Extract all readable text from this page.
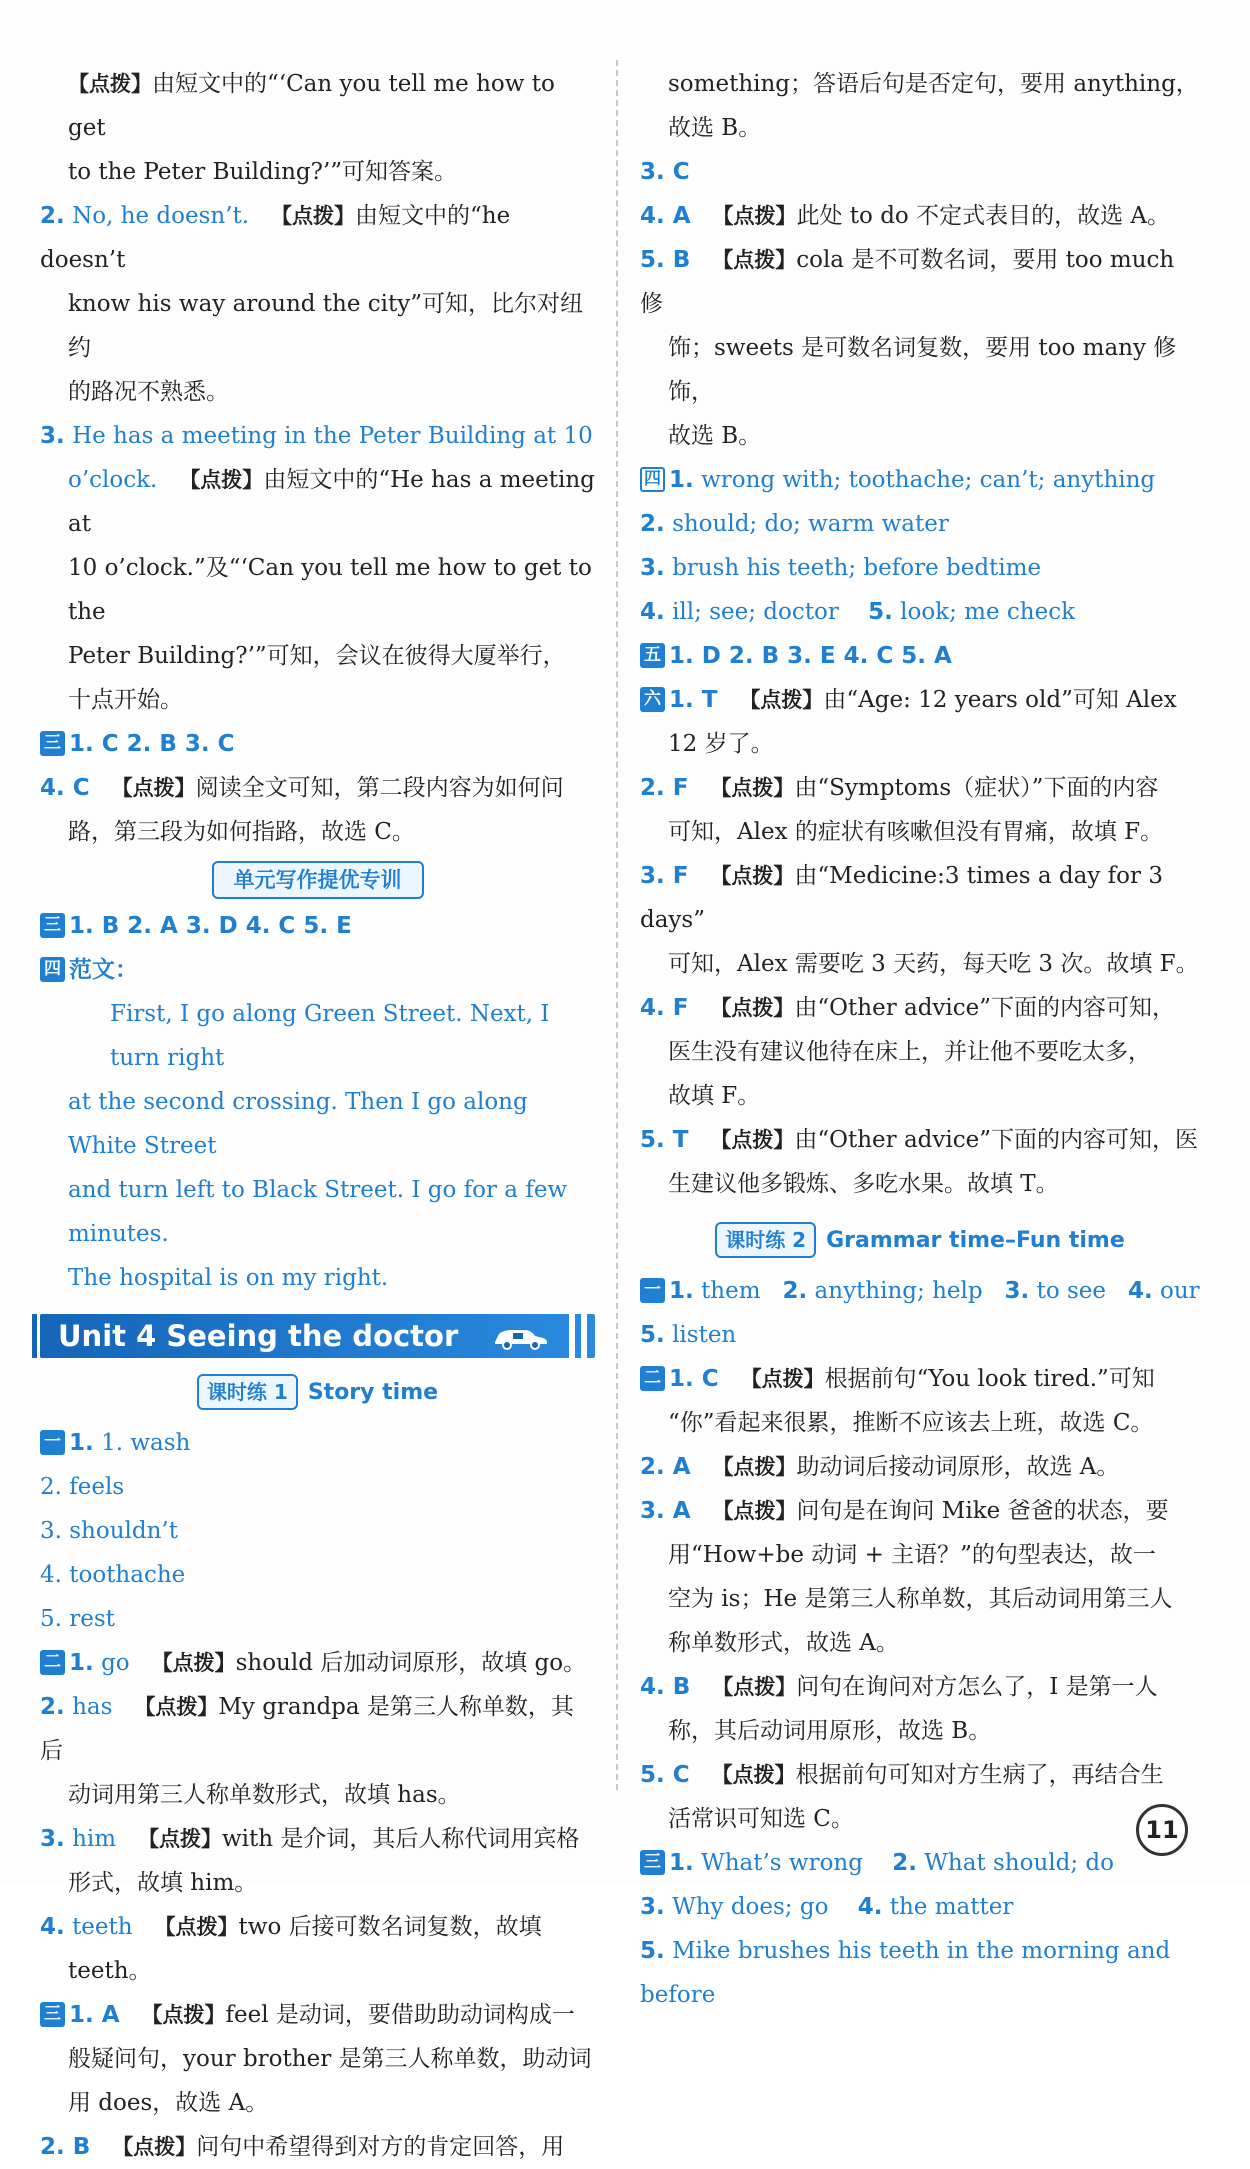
【点拨】由短文中的“‘Can you tell me how to get

to the Peter Building?’”可知答案。

2. No, he doesn’t. 【点拨】由短文中的“he doesn’t

know his way around the city”可知，比尔对纽约

的路况不熟悉。

3. He has a meeting in the Peter Building at 10

o’clock. 【点拨】由短文中的“He has a meeting at

10 o’clock.”及“‘Can you tell me how to get to the

Peter Building?’”可知，会议在彼得大厦举行，

十点开始。

三 1. C 2. B 3. C

4. C 【点拨】阅读全文可知，第二段内容为如何问

路，第三段为如何指路，故选 C。

单元写作提优专训

三 1. B 2. A 3. D 4. C 5. E

四 范文：

First, I go along Green Street. Next, I turn right

at the second crossing. Then I go along White Street

and turn left to Black Street. I go for a few minutes.

The hospital is on my right.

Unit 4 Seeing the doctor
课时练 1 Story time

一 1. 1. wash

2. feels

3. shouldn’t

4. toothache

5. rest

二 1. go 【点拨】should 后加动词原形，故填 go。

2. has 【点拨】My grandpa 是第三人称单数，其后

动词用第三人称单数形式，故填 has。

3. him 【点拨】with 是介词，其后人称代词用宾格

形式，故填 him。

4. teeth 【点拨】two 后接可数名词复数，故填

teeth。

三 1. A 【点拨】feel 是动词，要借助助动词构成一

般疑问句，your brother 是第三人称单数，助动词

用 does，故选 A。

2. B 【点拨】问句中希望得到对方的肯定回答，用

something；答语后句是否定句，要用 anything，

故选 B。

3. C

4. A 【点拨】此处 to do 不定式表目的，故选 A。

5. B 【点拨】cola 是不可数名词，要用 too much 修

饰；sweets 是可数名词复数，要用 too many 修饰，

故选 B。

四 1. wrong with; toothache; can’t; anything

2. should; do; warm water

3. brush his teeth; before bedtime

4. ill; see; doctor 5. look; me check

五 1. D 2. B 3. E 4. C 5. A

六 1. T 【点拨】由“Age: 12 years old”可知 Alex

12 岁了。

2. F 【点拨】由“Symptoms（症状）”下面的内容

可知，Alex 的症状有咳嗽但没有胃痛，故填 F。

3. F 【点拨】由“Medicine:3 times a day for 3 days”

可知，Alex 需要吃 3 天药，每天吃 3 次。故填 F。

4. F 【点拨】由“Other advice”下面的内容可知，

医生没有建议他待在床上，并让他不要吃太多，

故填 F。

5. T 【点拨】由“Other advice”下面的内容可知，医

生建议他多锻炼、多吃水果。故填 T。

课时练 2 Grammar time–Fun time

一 1. them 2. anything; help 3. to see 4. our

5. listen

二 1. C 【点拨】根据前句“You look tired.”可知

“你”看起来很累，推断不应该去上班，故选 C。

2. A 【点拨】助动词后接动词原形，故选 A。

3. A 【点拨】问句是在询问 Mike 爸爸的状态，要

用“How+be 动词 + 主语？”的句型表达，故一

空为 is；He 是第三人称单数，其后动词用第三人

称单数形式，故选 A。

4. B 【点拨】问句在询问对方怎么了，I 是第一人

称，其后动词用原形，故选 B。

5. C 【点拨】根据前句可知对方生病了，再结合生

活常识可知选 C。

三 1. What’s wrong 2. What should; do

3. Why does; go 4. the matter

5. Mike brushes his teeth in the morning and before

11
